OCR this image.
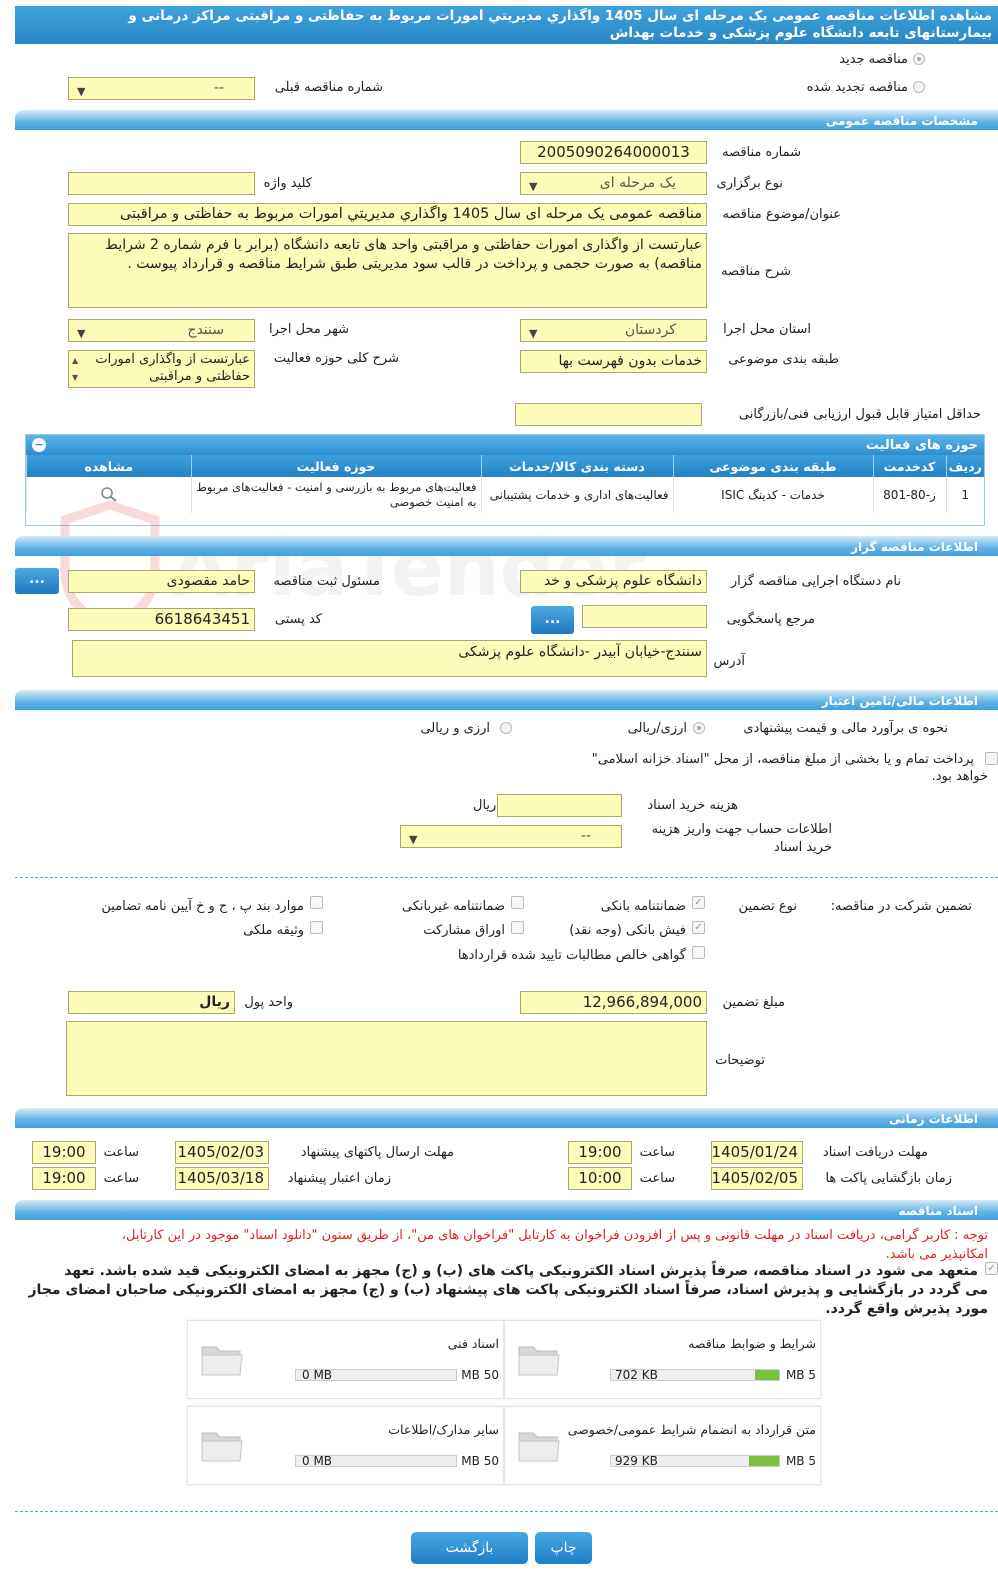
مشاهده اطلاعات مناقصه عمومی یک مرحله ای سال 1405 واگذاري مديريتي امورات مربوط به حفاظتی و مراقبتی مراکز درمانی و
بیمارستانهای تابعه دانشگاه علوم پزشکی و خدمات بهداش
مناقصه جدید
مناقصه تجدید شده
شماره مناقصه قبلی
--
▼
مشخصات مناقصه عمومی
شماره مناقصه
2005090264000013
نوع برگزاری
یک مرحله ای
▼
کلید واژه
عنوان/موضوع مناقصه
مناقصه عمومی یک مرحله ای سال 1405 واگذاري مديريتي امورات مربوط به حفاظتی و مراقبتی
شرح مناقصه
عبارتست از واگذاری امورات حفاظتی و مراقبتی واحد های تابعه دانشگاه (برابر با فرم شماره 2 شرایط مناقصه) به صورت حجمی و پرداخت در قالب سود مدیریتی طبق شرایط مناقصه و قرارداد پیوست .
استان محل اجرا
کردستان
▼
شهر محل اجرا
سنندج
▼
طبقه بندی موضوعی
خدمات بدون فهرست بها
شرح کلی حوزه فعالیت
عبارتست از واگذاری امورات حفاظتی و مراقبتی
▲
▼
حداقل امتیاز قابل قبول ارزیابی فنی/بازرگانی
حوزه های فعالیت
−
ردیف	کدخدمت	طبقه بندی موضوعی	دسته بندی کالا/خدمات	حوزه فعالیت	مشاهده
1	ز-80-801	خدمات - کدینگ ISIC	فعالیت‌های اداری و خدمات پشتیبانی	فعالیت‌های مربوط به بازرسی و امنیت - فعالیت‌های مربوط به امنیت خصوصی	
AriaTender	اطلاعات مناقصه گزار
نام دستگاه اجرایی مناقصه گزار
دانشگاه علوم پزشکی و خد
مسئول ثبت مناقصه
حامد مقصودی
...
مرجع پاسخگویی
...
کد پستی
6618643451
آدرس
سنندج-خیابان آبیدر -دانشگاه علوم پزشکی
اطلاعات مالی/تامین اعتبار
نحوه ی برآورد مالی و قیمت پیشنهادی
ارزی/ریالی
ارزی و ریالی
پرداخت تمام و یا بخشی از مبلغ مناقصه، از محل "اسناد خزانه اسلامی"
خواهد بود.
هزینه خرید اسناد
ریال
اطلاعات حساب جهت واریز هزینه
خرید اسناد
--
▼
تضمین شرکت در مناقصه:
نوع تضمین
✓
ضمانتنامه بانکی
ضمانتنامه غیربانکی
موارد بند پ ، ح و خ آیین نامه تضامین
✓
فیش بانکی (وجه نقد)
اوراق مشارکت
وثیقه ملکی
گواهی خالص مطالبات تایید شده قراردادها
مبلغ تضمین
12,966,894,000
واحد پول
ریال
توضیحات
اطلاعات زمانی
مهلت دریافت اسناد
1405/01/24
ساعت
19:00
مهلت ارسال پاکتهای پیشنهاد
1405/02/03
ساعت
19:00
زمان بازگشایی پاکت ها
1405/02/05
ساعت
10:00
زمان اعتبار پیشنهاد
1405/03/18
ساعت
19:00
اسناد مناقصه
توجه : کاربر گرامی، دریافت اسناد در مهلت قانونی و پس از افزودن فراخوان به کارتابل "فراخوان های من"، از طریق ستون "دانلود اسناد" موجود در این کارتابل،
امکانپذیر می باشد.
✓
متعهد می شود در اسناد مناقصه، صرفاً پذیرش اسناد الکترونیکی پاکت های (ب) و (ج) مجهز به امضای الکترونیکی قید شده باشد. تعهد
می گردد در بازگشایی و پذیرش اسناد، صرفاً اسناد الکترونیکی پاکت های پیشنهاد (ب) و (ج) مجهز به امضای الکترونیکی صاحبان امضای مجاز
مورد پذیرش واقع گردد.
شرایط و ضوابط مناقصه
5 MB
702 KB
اسناد فنی
50 MB
0 MB
متن قرارداد به انضمام شرایط عمومی/خصوصی
5 MB
929 KB
سایر مدارک/اطلاعات
50 MB
0 MB
چاپ
بازگشت
